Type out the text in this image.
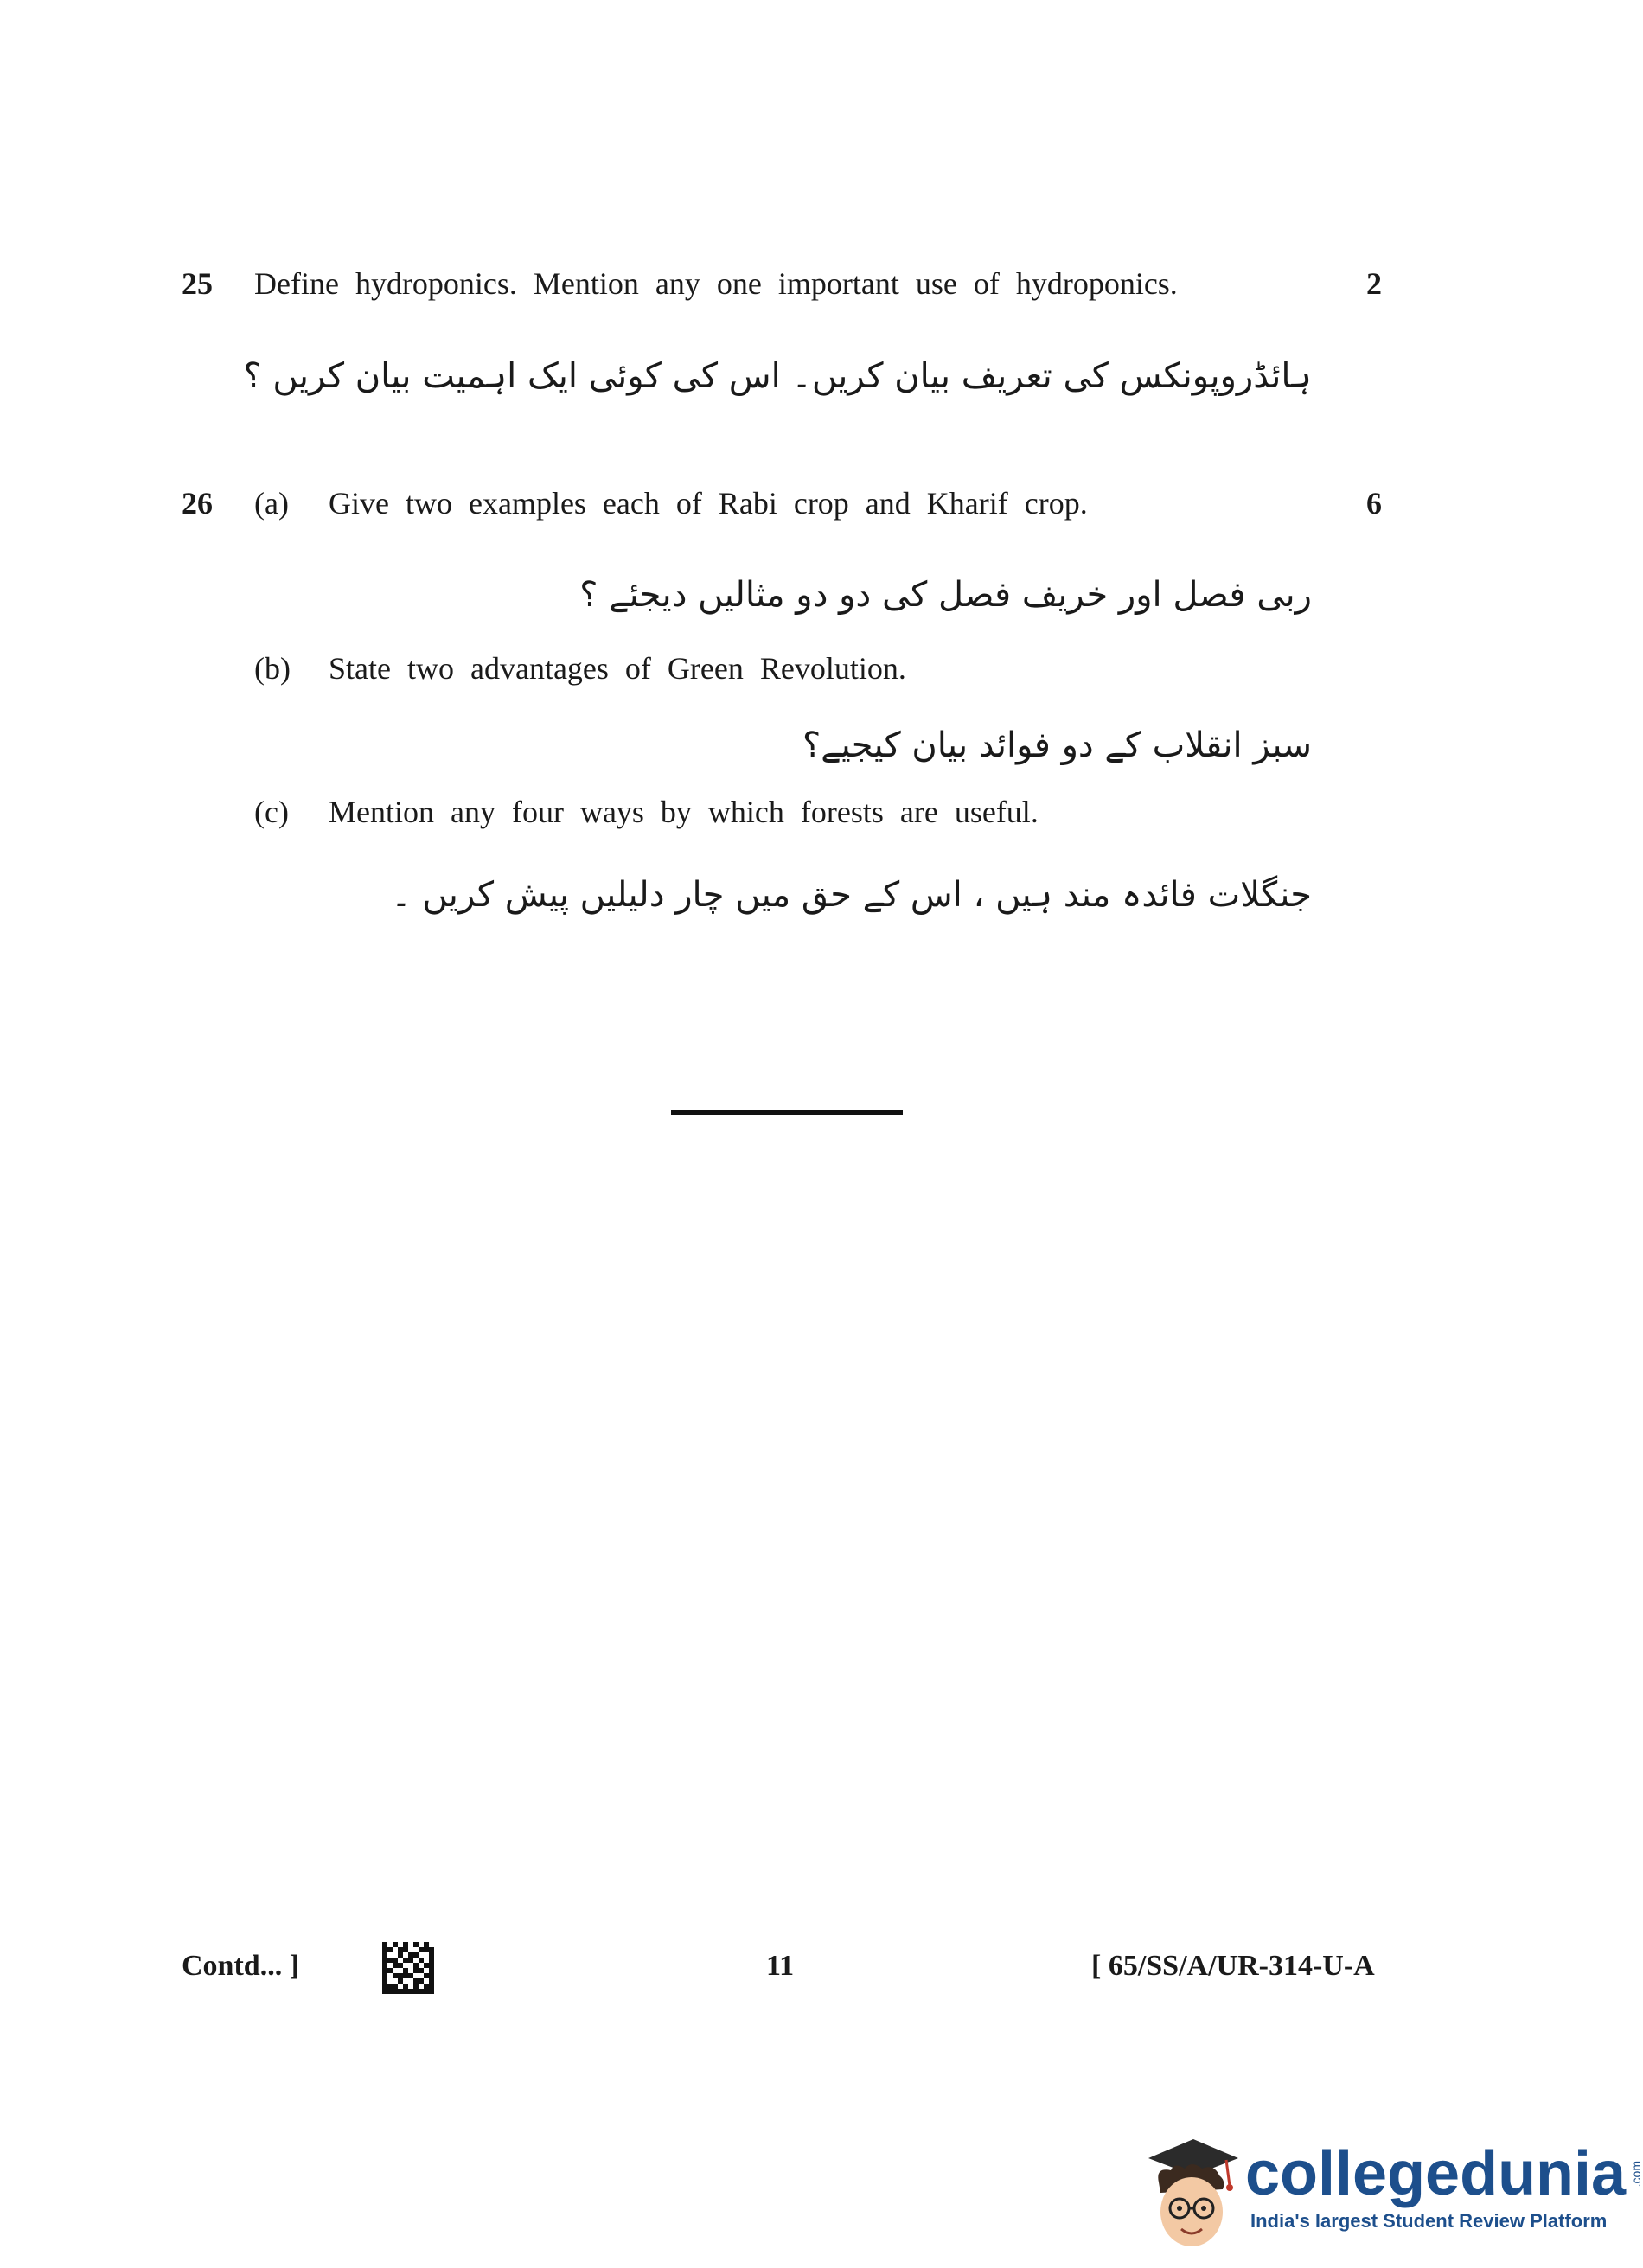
25 Define hydroponics. Mention any one important use of hydroponics.	2
ہائڈروپونکس کی تعریف بیان کریں۔ اس کی کوئی ایک اہمیت بیان کریں ؟
26	6
(a) Give two examples each of Rabi crop and Kharif crop.
ربی فصل اور خریف فصل کی دو دو مثالیں دیجئے ؟
(b) State two advantages of Green Revolution.
سبز انقلاب کے دو فوائد بیان کیجیے؟
(c) Mention any four ways by which forests are useful.
جنگلات فائدہ مند ہیں ، اس کے حق میں چار دلیلیں پیش کریں ۔
Contd... ]	11	[ 65/SS/A/UR-314-U-A
collegedunia .com
India's largest Student Review Platform
